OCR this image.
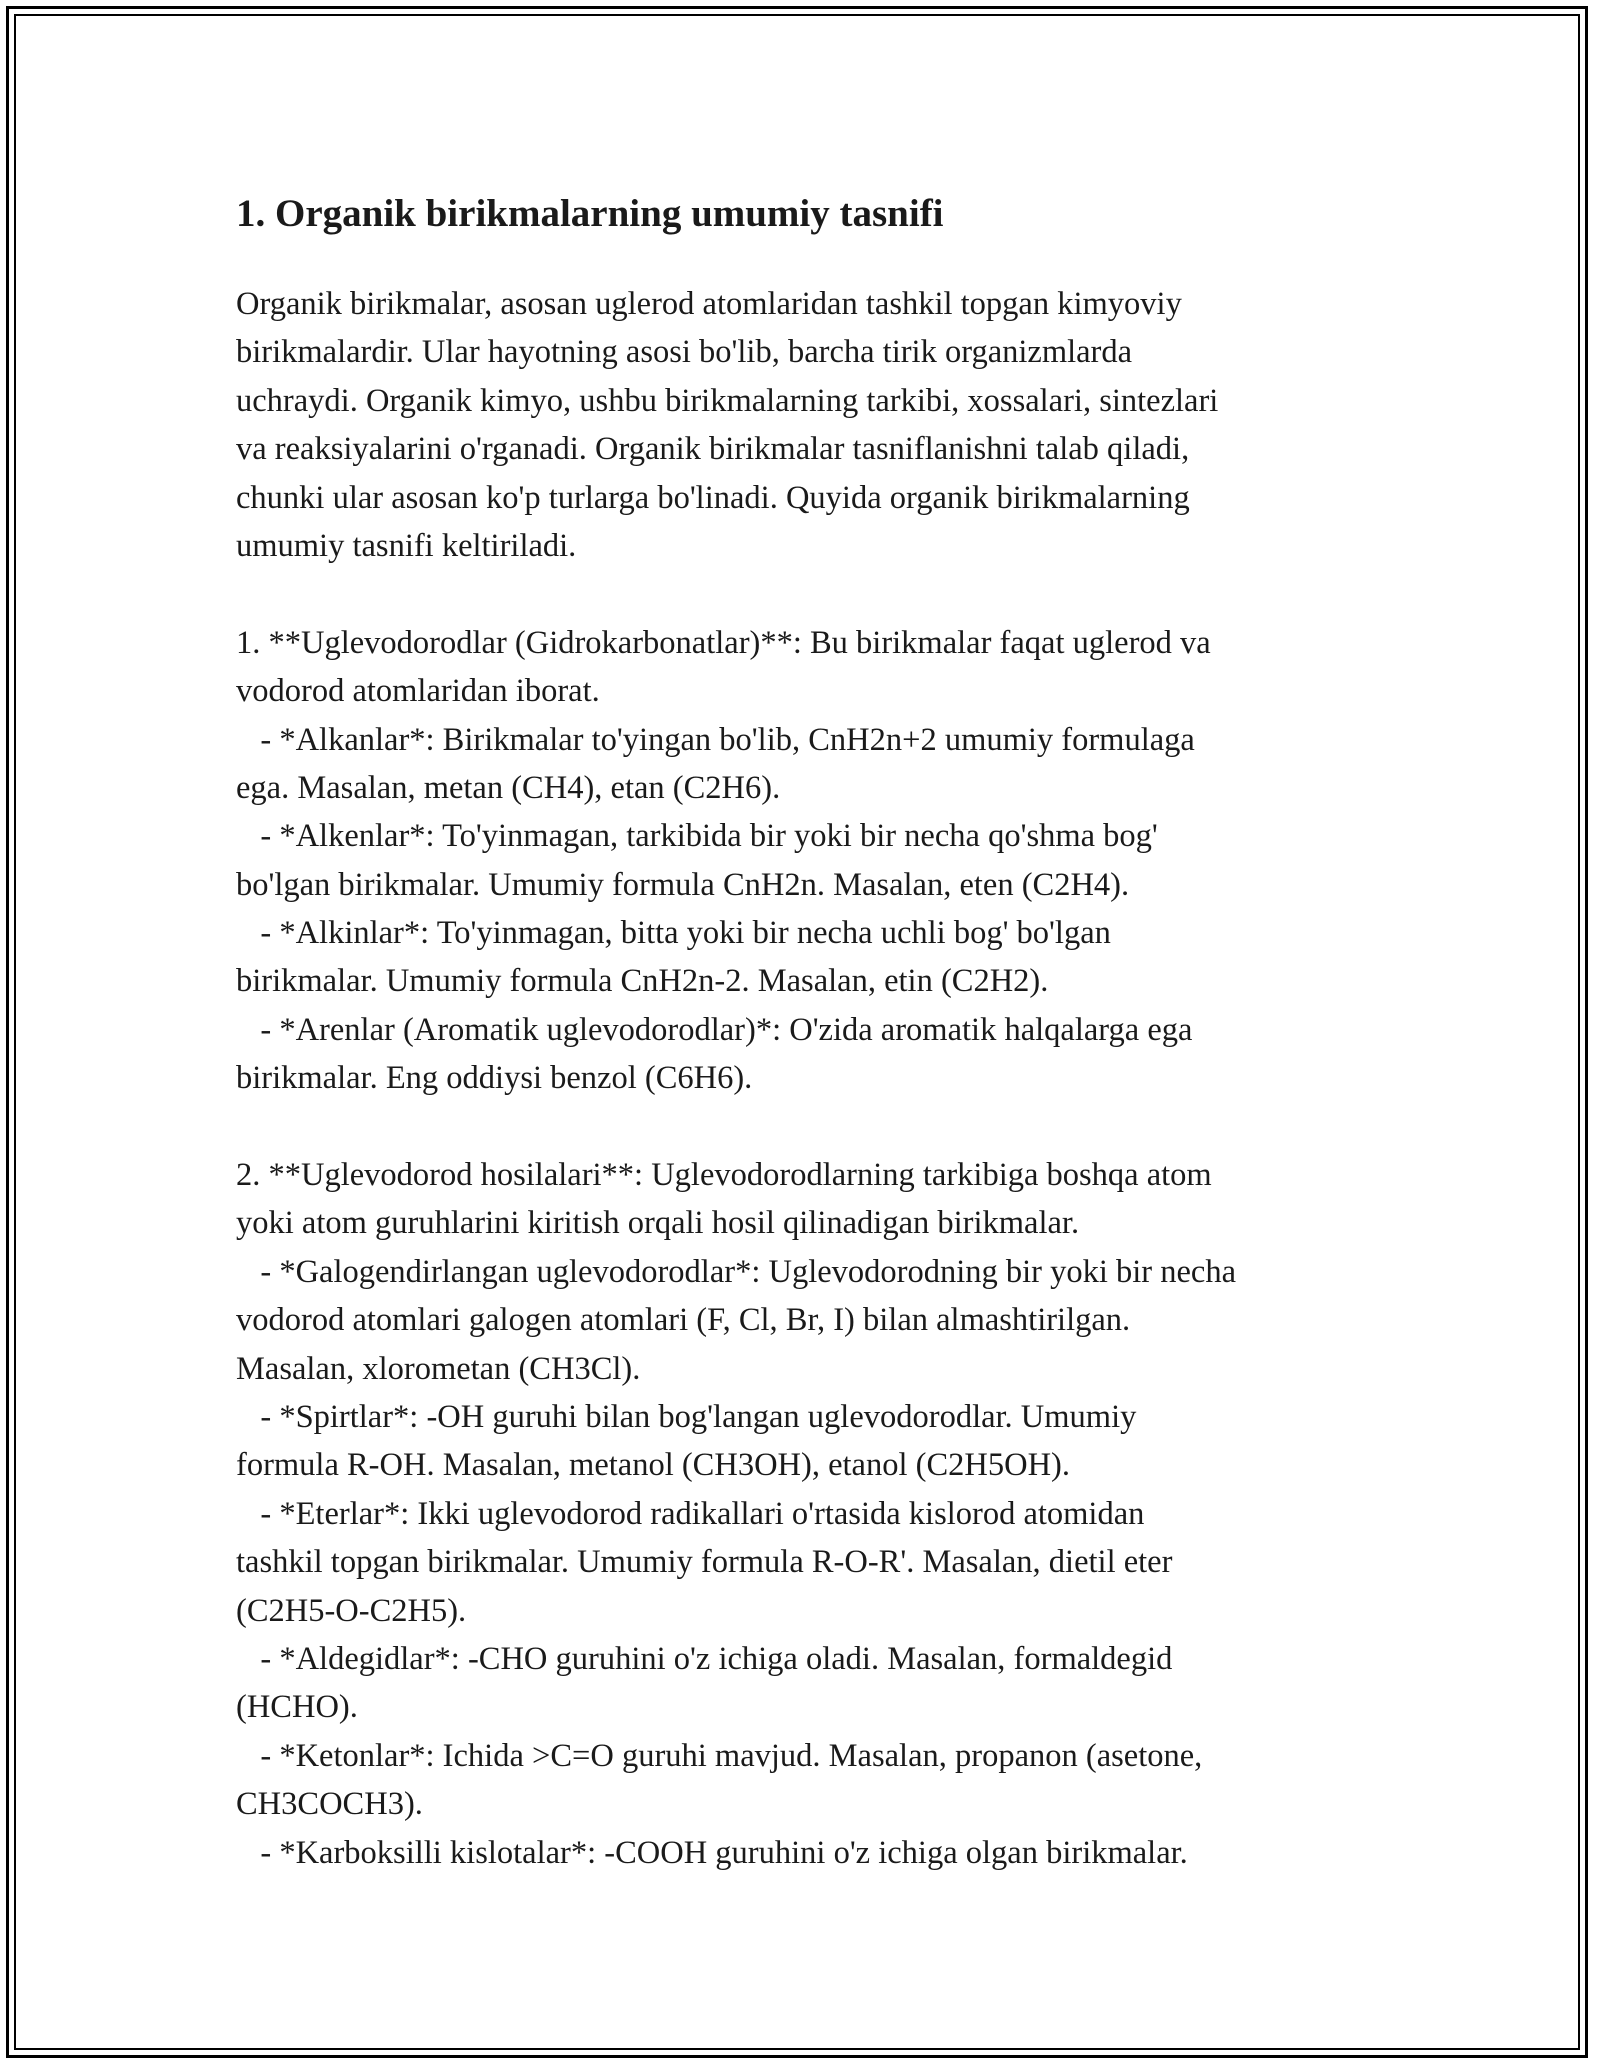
1. Organik birikmalarning umumiy tasnifi
Organik birikmalar, asosan uglerod atomlaridan tashkil topgan kimyoviy
birikmalardir. Ular hayotning asosi bo'lib, barcha tirik organizmlarda
uchraydi. Organik kimyo, ushbu birikmalarning tarkibi, xossalari, sintezlari
va reaksiyalarini o'rganadi. Organik birikmalar tasniflanishni talab qiladi,
chunki ular asosan ko'p turlarga bo'linadi. Quyida organik birikmalarning
umumiy tasnifi keltiriladi.
1. **Uglevodorodlar (Gidrokarbonatlar)**: Bu birikmalar faqat uglerod va
vodorod atomlaridan iborat.
- *Alkanlar*: Birikmalar to'yingan bo'lib, CnH2n+2 umumiy formulaga
ega. Masalan, metan (CH4), etan (C2H6).
- *Alkenlar*: To'yinmagan, tarkibida bir yoki bir necha qo'shma bog'
bo'lgan birikmalar. Umumiy formula CnH2n. Masalan, eten (C2H4).
- *Alkinlar*: To'yinmagan, bitta yoki bir necha uchli bog' bo'lgan
birikmalar. Umumiy formula CnH2n-2. Masalan, etin (C2H2).
- *Arenlar (Aromatik uglevodorodlar)*: O'zida aromatik halqalarga ega
birikmalar. Eng oddiysi benzol (C6H6).
2. **Uglevodorod hosilalari**: Uglevodorodlarning tarkibiga boshqa atom
yoki atom guruhlarini kiritish orqali hosil qilinadigan birikmalar.
- *Galogendirlangan uglevodorodlar*: Uglevodorodning bir yoki bir necha
vodorod atomlari galogen atomlari (F, Cl, Br, I) bilan almashtirilgan.
Masalan, xlorometan (CH3Cl).
- *Spirtlar*: -OH guruhi bilan bog'langan uglevodorodlar. Umumiy
formula R-OH. Masalan, metanol (CH3OH), etanol (C2H5OH).
- *Eterlar*: Ikki uglevodorod radikallari o'rtasida kislorod atomidan
tashkil topgan birikmalar. Umumiy formula R-O-R'. Masalan, dietil eter
(C2H5-O-C2H5).
- *Aldegidlar*: -CHO guruhini o'z ichiga oladi. Masalan, formaldegid
(HCHO).
- *Ketonlar*: Ichida >C=O guruhi mavjud. Masalan, propanon (asetone,
CH3COCH3).
- *Karboksilli kislotalar*: -COOH guruhini o'z ichiga olgan birikmalar.
